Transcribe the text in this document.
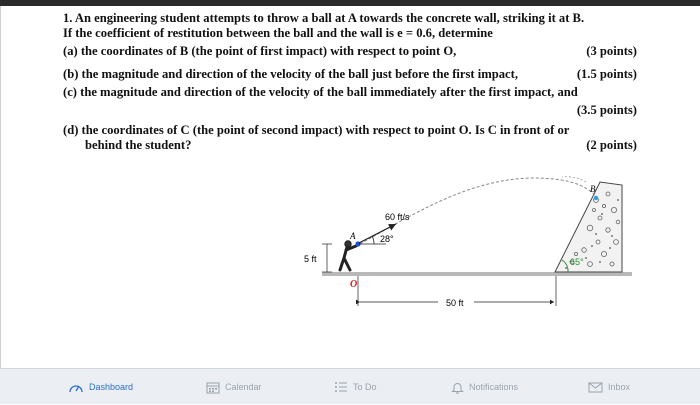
1. An engineering student attempts to throw a ball at A towards the concrete wall, striking it at B.
If the coefficient of restitution between the ball and the wall is e = 0.6, determine
(a) the coordinates of B (the point of first impact) with respect to point O,	(3 points)
(b) the magnitude and direction of the velocity of the ball just before the first impact,	(1.5 points)
(c) the magnitude and direction of the velocity of the ball immediately after the first impact, and
(3.5 points)
(d) the coordinates of C (the point of second impact) with respect to point O. Is C in front of or
behind the student?	(2 points)
65°
B
A
60 ft/s
28°
5 ft
O
50 ft
Dashboard	Calendar	To Do	Notifications	Inbox
